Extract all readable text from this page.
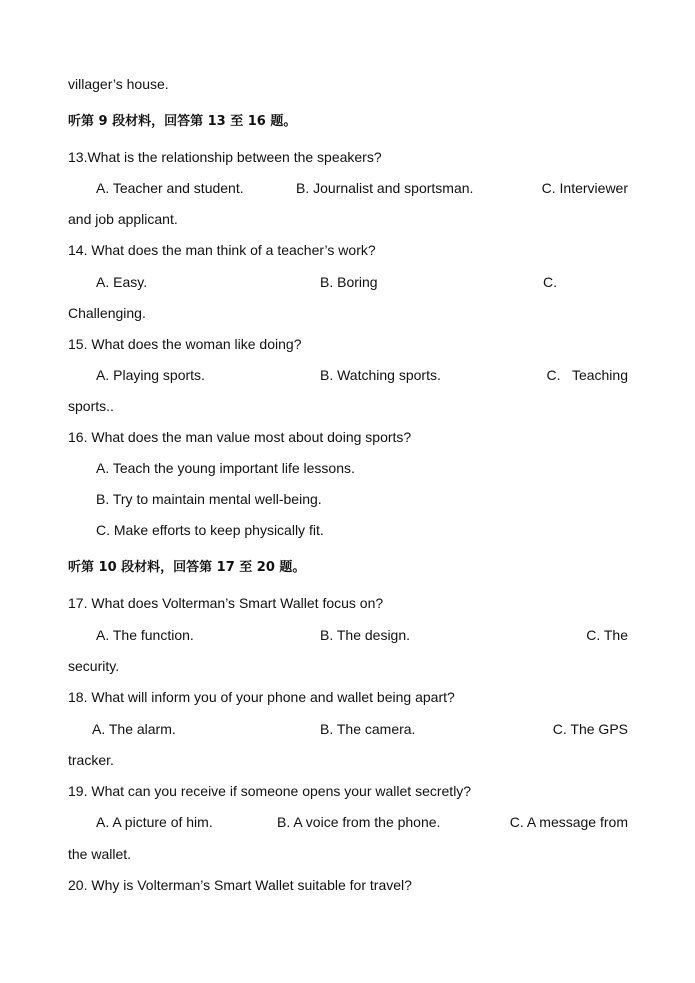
villager’s house.
听第 9 段材料，回答第 13 至 16 题。
13.What is the relationship between the speakers?
A. Teacher and student.	B. Journalist and sportsman.	C. Interviewer
and job applicant.
14. What does the man think of a teacher’s work?
A. Easy.	B. Boring	C.
Challenging.
15. What does the woman like doing?
A. Playing sports.	B. Watching sports.	C.   Teaching
sports..
16. What does the man value most about doing sports?
A. Teach the young important life lessons.
B. Try to maintain mental well-being.
C. Make efforts to keep physically fit.
听第 10 段材料，回答第 17 至 20 题。
17. What does Volterman’s Smart Wallet focus on?
A. The function.	B. The design.	C. The
security.
18. What will inform you of your phone and wallet being apart?
A. The alarm.	B. The camera.	C. The GPS
tracker.
19. What can you receive if someone opens your wallet secretly?
A. A picture of him.	B. A voice from the phone.	C. A message from
the wallet.
20. Why is Volterman’s Smart Wallet suitable for travel?
